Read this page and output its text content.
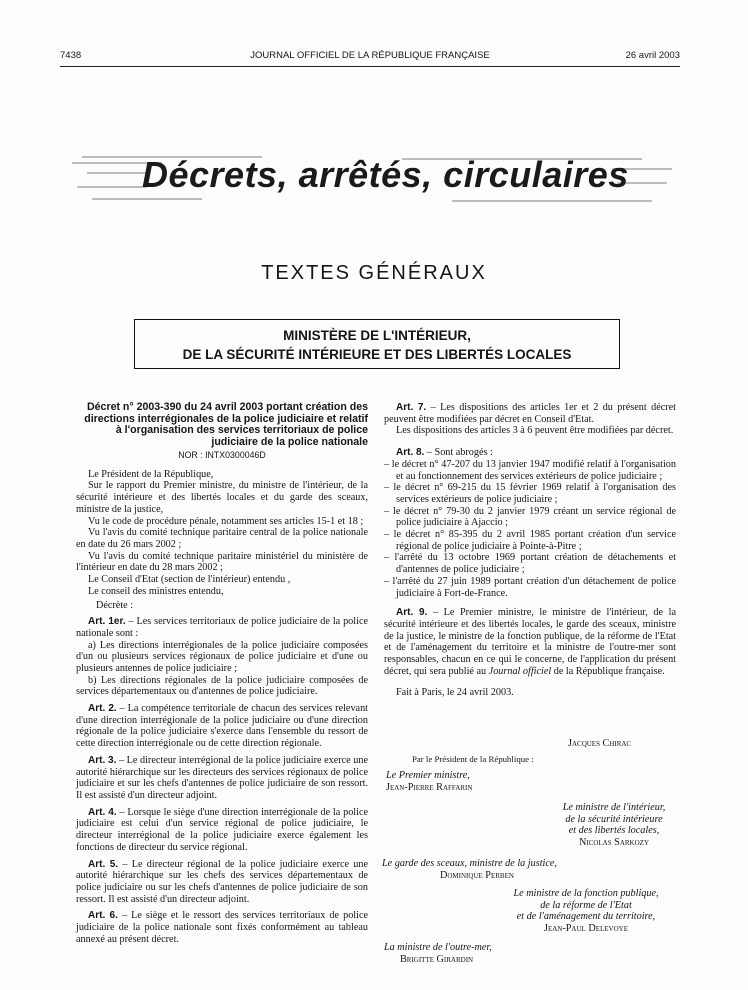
7438	JOURNAL OFFICIEL DE LA RÉPUBLIQUE FRANÇAISE	26 avril 2003
Décrets, arrêtés, circulaires
TEXTES GÉNÉRAUX
MINISTÈRE DE L'INTÉRIEUR,
DE LA SÉCURITÉ INTÉRIEURE ET DES LIBERTÉS LOCALES

Décret n° 2003-390 du 24 avril 2003 portant création des directions interrégionales de la police judiciaire et relatif à l'organisation des services territoriaux de police judiciaire de la police nationale

NOR : INTX0300046D

Le Président de la République,

Sur le rapport du Premier ministre, du ministre de l'intérieur, de la sécurité intérieure et des libertés locales et du garde des sceaux, ministre de la justice,

Vu le code de procédure pénale, notamment ses articles 15-1 et 18 ;

Vu l'avis du comité technique paritaire central de la police nationale en date du 26 mars 2002 ;

Vu l'avis du comité technique paritaire ministériel du ministère de l'intérieur en date du 28 mars 2002 ;

Le Conseil d'Etat (section de l'intérieur) entendu ,

Le conseil des ministres entendu,

Décrète :

Art. 1er. – Les services territoriaux de police judiciaire de la police nationale sont :

a) Les directions interrégionales de la police judiciaire composées d'un ou plusieurs services régionaux de police judiciaire et d'une ou plusieurs antennes de police judiciaire ;

b) Les directions régionales de la police judiciaire composées de services départementaux ou d'antennes de police judiciaire.

Art. 2. – La compétence territoriale de chacun des services relevant d'une direction interrégionale de la police judiciaire ou d'une direction régionale de la police judiciaire s'exerce dans l'ensemble du ressort de cette direction interrégionale ou de cette direction régionale.

Art. 3. – Le directeur interrégional de la police judiciaire exerce une autorité hiérarchique sur les directeurs des services régionaux de police judiciaire et sur les chefs d'antennes de police judiciaire de son ressort. Il est assisté d'un directeur adjoint.

Art. 4. – Lorsque le siège d'une direction interrégionale de la police judiciaire est celui d'un service régional de police judiciaire, le directeur interrégional de la police judiciaire exerce également les fonctions de directeur du service régional.

Art. 5. – Le directeur régional de la police judiciaire exerce une autorité hiérarchique sur les chefs des services départementaux de police judiciaire ou sur les chefs d'antennes de police judiciaire de son ressort. Il est assisté d'un directeur adjoint.

Art. 6. – Le siège et le ressort des services territoriaux de police judiciaire de la police nationale sont fixés conformément au tableau annexé au présent décret.

Art. 7. – Les dispositions des articles 1er et 2 du présent décret peuvent être modifiées par décret en Conseil d'Etat.

Les dispositions des articles 3 à 6 peuvent être modifiées par décret.

Art. 8. – Sont abrogés :

– le décret n° 47-207 du 13 janvier 1947 modifié relatif à l'organisation et au fonctionnement des services extérieurs de police judiciaire ;
– le décret n° 69-215 du 15 février 1969 relatif à l'organisation des services extérieurs de police judiciaire ;
– le décret n° 79-30 du 2 janvier 1979 créant un service régional de police judiciaire à Ajaccio ;
– le décret n° 85-395 du 2 avril 1985 portant création d'un service régional de police judiciaire à Pointe-à-Pitre ;
– l'arrêté du 13 octobre 1969 portant création de détachements et d'antennes de police judiciaire ;
– l'arrêté du 27 juin 1989 portant création d'un détachement de police judiciaire à Fort-de-France.

Art. 9. – Le Premier ministre, le ministre de l'intérieur, de la sécurité intérieure et des libertés locales, le garde des sceaux, ministre de la justice, le ministre de la fonction publique, de la réforme de l'Etat et de l'aménagement du territoire et la ministre de l'outre-mer sont responsables, chacun en ce qui le concerne, de l'application du présent décret, qui sera publié au Journal officiel de la République française.

Fait à Paris, le 24 avril 2003.

Jacques Chirac
Par le Président de la République :
Le Premier ministre,
Jean-Pierre Raffarin
Le ministre de l'intérieur,
de la sécurité intérieure
et des libertés locales,
Nicolas Sarkozy
Le garde des sceaux, ministre de la justice,
Dominique Perben
Le ministre de la fonction publique,
de la réforme de l'Etat
et de l'aménagement du territoire,
Jean-Paul Delevoye
La ministre de l'outre-mer,
Brigitte Girardin
